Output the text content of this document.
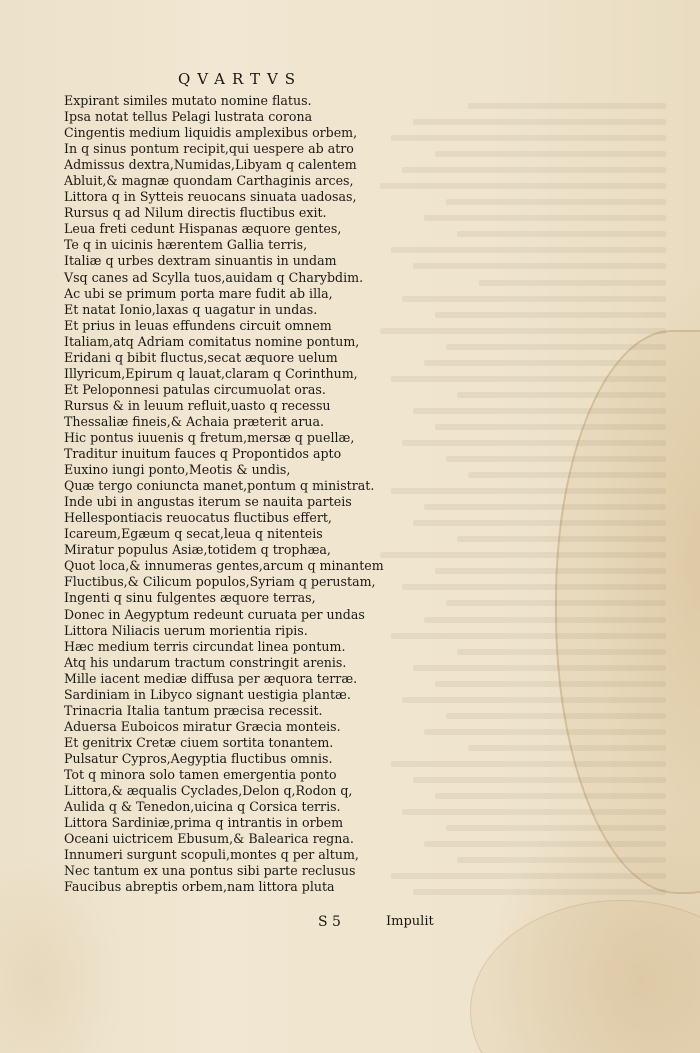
QVARTVS
Expirant similes mutato nomine flatus.
Ipsa notat tellus Pelagi lustrata corona
Cingentis medium liquidis amplexibus orbem,
In q sinus pontum recipit,qui uespere ab atro
Admissus dextra,Numidas,Libyam q calentem
Abluit,& magnæ quondam Carthaginis arces,
Littora q in Sytteis reuocans sinuata uadosas,
Rursus q ad Nilum directis fluctibus exit.
Leua freti cedunt Hispanas æquore gentes,
Te q in uicinis hærentem Gallia terris,
Italiæ q urbes dextram sinuantis in undam
Vsq canes ad Scylla tuos,auidam q Charybdim.
Ac ubi se primum porta mare fudit ab illa,
Et natat Ionio,laxas q uagatur in undas.
Et prius in leuas effundens circuit omnem
Italiam,atq Adriam comitatus nomine pontum,
Eridani q bibit fluctus,secat æquore uelum
Illyricum,Epirum q lauat,claram q Corinthum,
Et Peloponnesi patulas circumuolat oras.
Rursus & in leuum refluit,uasto q recessu
Thessaliæ fineis,& Achaia præterit arua.
Hic pontus iuuenis q fretum,mersæ q puellæ,
Traditur inuitum fauces q Propontidos apto
Euxino iungi ponto,Meotis & undis,
Quæ tergo coniuncta manet,pontum q ministrat.
Inde ubi in angustas iterum se nauita parteis
Hellespontiacis reuocatus fluctibus effert,
Icareum,Egæum q secat,leua q nitenteis
Miratur populus Asiæ,totidem q trophæa,
Quot loca,& innumeras gentes,arcum q minantem
Fluctibus,& Cilicum populos,Syriam q perustam,
Ingenti q sinu fulgentes æquore terras,
Donec in Aegyptum redeunt curuata per undas
Littora Niliacis uerum morientia ripis.
Hæc medium terris circundat linea pontum.
Atq his undarum tractum constringit arenis.
Mille iacent mediæ diffusa per æquora terræ.
Sardiniam in Libyco signant uestigia plantæ.
Trinacria Italia tantum præcisa recessit.
Aduersa Euboicos miratur Græcia monteis.
Et genitrix Cretæ ciuem sortita tonantem.
Pulsatur Cypros,Aegyptia fluctibus omnis.
Tot q minora solo tamen emergentia ponto
Littora,& æqualis Cyclades,Delon q,Rodon q,
Aulida q & Tenedon,uicina q Corsica terris.
Littora Sardiniæ,prima q intrantis in orbem
Oceani uictricem Ebusum,& Balearica regna.
Innumeri surgunt scopuli,montes q per altum,
Nec tantum ex una pontus sibi parte reclusus
Faucibus abreptis orbem,nam littora pluta
S 5	Impulit
